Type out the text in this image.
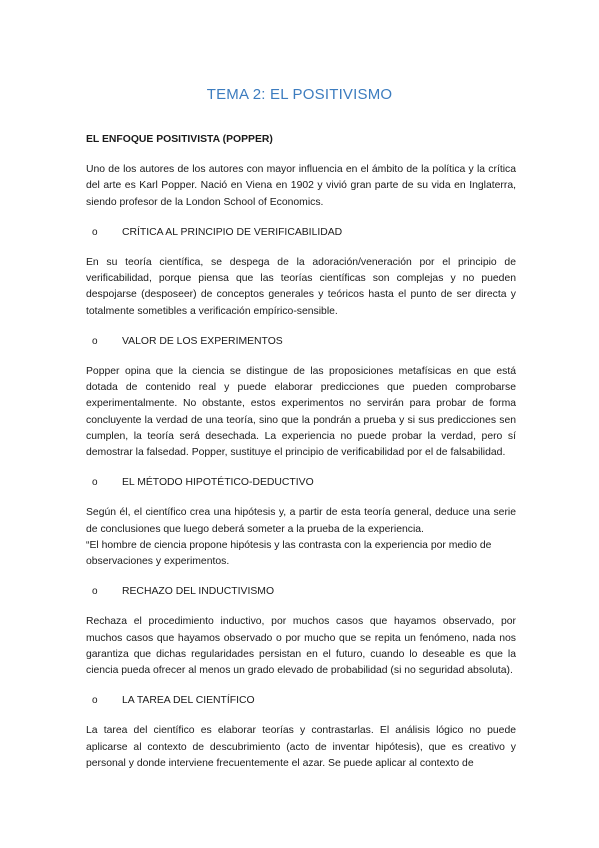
TEMA 2: EL POSITIVISMO
EL ENFOQUE POSITIVISTA (POPPER)

Uno de los autores de los autores con mayor influencia en el ámbito de la política y la crítica del arte es Karl Popper. Nació en Viena en 1902 y vivió gran parte de su vida en Inglaterra, siendo profesor de la London School of Economics.

o	CRÍTICA AL PRINCIPIO DE VERIFICABILIDAD

En su teoría científica, se despega de la adoración/veneración por el principio de verificabilidad, porque piensa que las teorías científicas son complejas y no pueden despojarse (desposeer) de conceptos generales y teóricos hasta el punto de ser directa y totalmente sometibles a verificación empírico-sensible.

o	VALOR DE LOS EXPERIMENTOS

Popper opina que la ciencia se distingue de las proposiciones metafísicas en que está dotada de contenido real y puede elaborar predicciones que pueden comprobarse experimentalmente. No obstante, estos experimentos no servirán para probar de forma concluyente la verdad de una teoría, sino que la pondrán a prueba y si sus predicciones sen cumplen, la teoría será desechada. La experiencia no puede probar la verdad, pero sí demostrar la falsedad. Popper, sustituye el principio de verificabilidad por el de falsabilidad.

o	EL MÉTODO HIPOTÉTICO-DEDUCTIVO

Según él, el científico crea una hipótesis y, a partir de esta teoría general, deduce una serie de conclusiones que luego deberá someter a la prueba de la experiencia.

“El hombre de ciencia propone hipótesis y las contrasta con la experiencia por medio de observaciones y experimentos.

o	RECHAZO DEL INDUCTIVISMO

Rechaza el procedimiento inductivo, por muchos casos que hayamos observado, por muchos casos que hayamos observado o por mucho que se repita un fenómeno, nada nos garantiza que dichas regularidades persistan en el futuro, cuando lo deseable es que la ciencia pueda ofrecer al menos un grado elevado de probabilidad (si no seguridad absoluta).

o	LA TAREA DEL CIENTÍFICO

La tarea del científico es elaborar teorías y contrastarlas. El análisis lógico no puede aplicarse al contexto de descubrimiento (acto de inventar hipótesis), que es creativo y personal y donde interviene frecuentemente el azar. Se puede aplicar al contexto de
